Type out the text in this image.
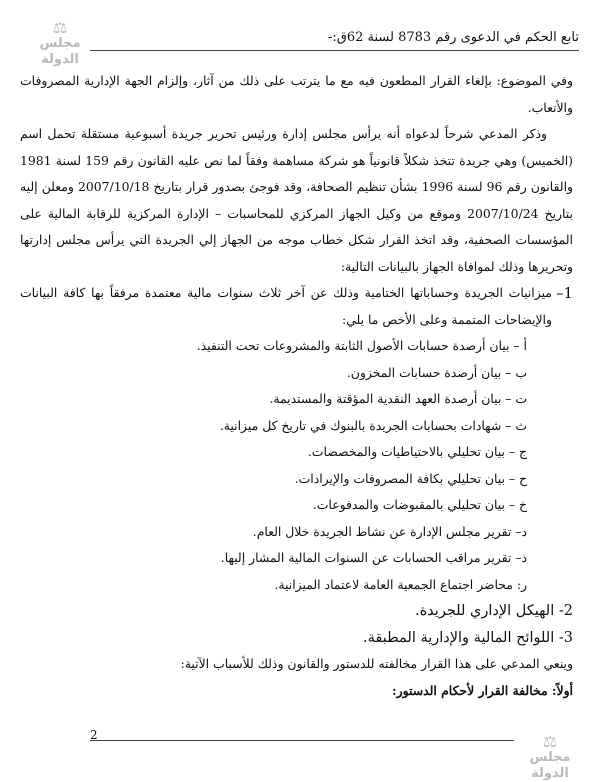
⚖
مجلس الدولة
تابع الحكم في الدعوى رقم 8783 لسنة 62ق:-

وفي الموضوع: بإلغاء القرار المطعون فيه مع ما يترتب على ذلك من آثار، وإلزام الجهة الإدارية المصروفات والأتعاب.

وذكر المدعي شرحاً لدعواه أنه يرأس مجلس إدارة ورئيس تحرير جريدة أسبوعية مستقلة تحمل اسم (الخميس) وهي جريدة تتخذ شكلاً قانونياً هو شركة مساهمة وفقاً لما نص عليه القانون رقم 159 لسنة 1981 والقانون رقم 96 لسنة 1996 بشأن تنظيم الصحافة، وقد فوجئ بصدور قرار بتاريخ 2007/10/18 ومعلن إليه بتاريخ 2007/10/24 وموقع من وكيل الجهاز المركزي للمحاسبات – الإدارة المركزية للرقابة المالية على المؤسسات الصحفية، وقد اتخذ القرار شكل خطاب موجه من الجهاز إلي الجريدة التي يرأس مجلس إدارتها وتحريرها وذلك لموافاة الجهاز بالبيانات التالية:

1–
ميزانيات الجريدة وحساباتها الختامية وذلك عن آخر ثلاث سنوات مالية معتمدة مرفقاً بها كافة البيانات والإيضاحات المتممة وعلى الأخص ما يلي:

أ – بيان أرصدة حسابات الأصول الثابتة والمشروعات تحت التنفيذ.

ب – بيان أرصدة حسابات المخزون.

ت – بيان أرصدة العهد النقدية المؤقتة والمستديمة.

ث – شهادات بحسابات الجريدة بالبنوك في تاريخ كل ميزانية.

ج – بيان تحليلي بالاحتياطيات والمخصصات.

ح – بيان تحليلي بكافة المصروفات والإيرادات.

خ – بيان تحليلي بالمقبوضات والمدفوعات.

د– تقرير مجلس الإدارة عن نشاط الجريدة خلال العام.

ذ– تقرير مراقب الحسابات عن السنوات المالية المشار إليها.

ر: محاضر اجتماع الجمعية العامة لاعتماد الميزانية.

2- الهيكل الإداري للجريدة.

3- اللوائح المالية والإدارية المطبقة.

وينعي المدعي على هذا القرار مخالفته للدستور والقانون وذلك للأسباب الآتية:

أولاً: مخالفة القرار لأحكام الدستور:

2	⚖
مجلس الدولة
